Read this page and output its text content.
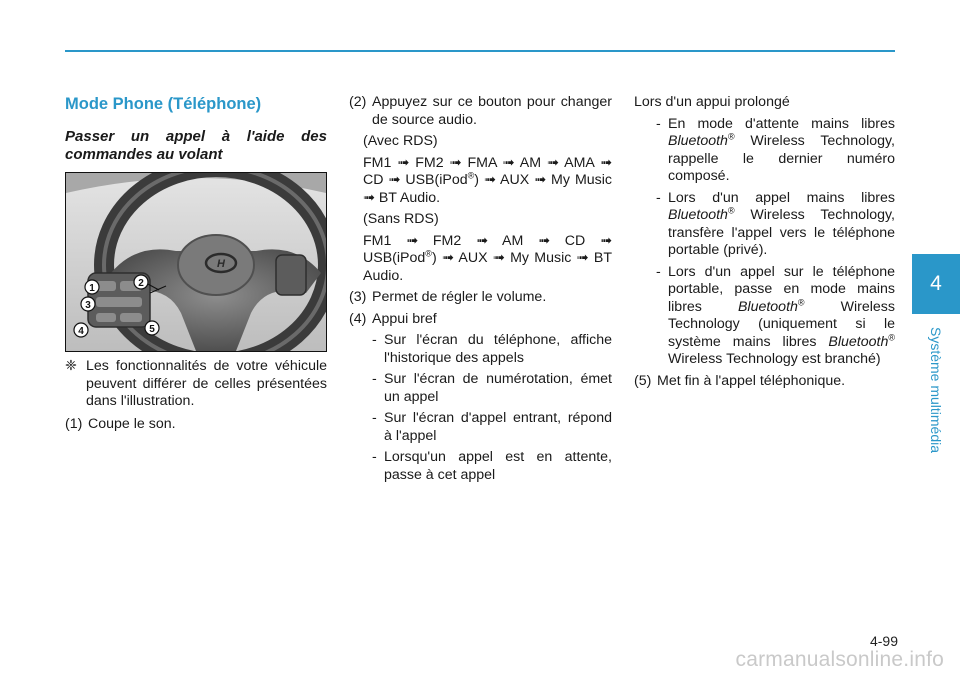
Mode Phone (Téléphone)

Passer un appel à l'aide des commandes au volant

H
1	2
3
4	5

❈ Les fonctionnalités de votre véhicule peuvent différer de celles présentées dans l'illustration.

(1) Coupe le son.

(2) Appuyez sur ce bouton pour changer de source audio.

(Avec RDS)

FM1 ➟ FM2 ➟ FMA ➟ AM ➟ AMA ➟ CD ➟ USB(iPod®) ➟ AUX ➟ My Music ➟ BT Audio.

(Sans RDS)

FM1 ➟ FM2 ➟ AM ➟ CD ➟ USB(iPod®) ➟ AUX ➟ My Music ➟ BT Audio.

(3) Permet de régler le volume.

(4) Appui bref

- Sur l'écran du téléphone, affiche l'historique des appels

- Sur l'écran de numérotation, émet un appel

- Sur l'écran d'appel entrant, répond à l'appel

- Lorsqu'un appel est en attente, passe à cet appel

Lors d'un appui prolongé

- En mode d'attente mains libres Bluetooth® Wireless Technology, rappelle le dernier numéro composé.

- Lors d'un appel mains libres Bluetooth® Wireless Technology, transfère l'appel vers le téléphone portable (privé).

- Lors d'un appel sur le téléphone portable, passe en mode mains libres	Bluetooth®	Wireless Technology (uniquement si le système mains libres Bluetooth® Wireless Technology est branché)

(5) Met fin à l'appel téléphonique.

4
Système multimédia
4-99
carmanualsonline.info
